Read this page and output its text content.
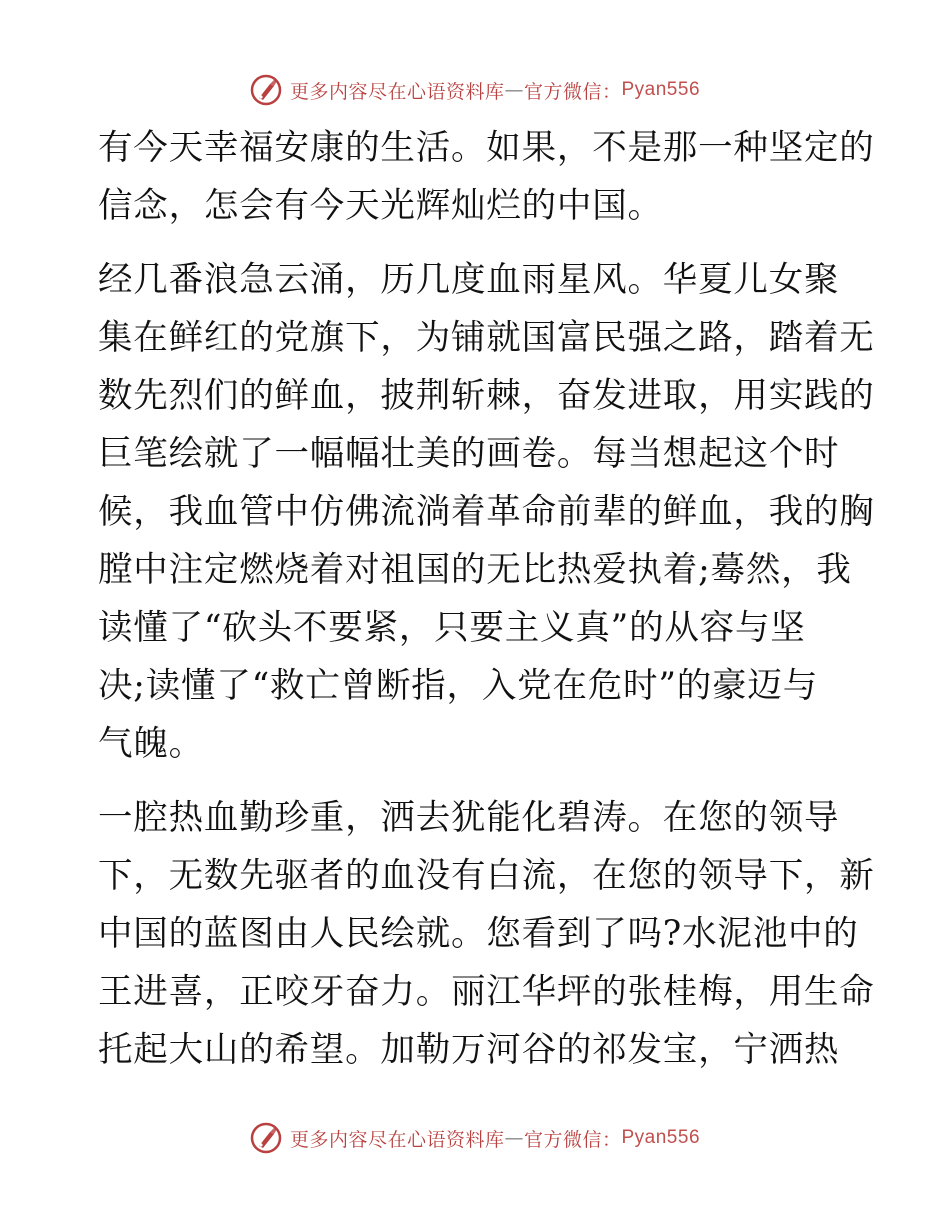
更多内容尽在心语资料库 — 官方微信： Pyan556

有今天幸福安康的生活。如果，不是那一种坚定的
信念，怎会有今天光辉灿烂的中国。

经几番浪急云涌，历几度血雨星风。华夏儿女聚
集在鲜红的党旗下，为铺就国富民强之路，踏着无
数先烈们的鲜血，披荆斩棘，奋发进取，用实践的
巨笔绘就了一幅幅壮美的画卷。每当想起这个时
候，我血管中仿佛流淌着革命前辈的鲜血，我的胸
膛中注定燃烧着对祖国的无比热爱执着;蓦然，我
读懂了“砍头不要紧，只要主义真”的从容与坚
决;读懂了“救亡曾断指，入党在危时”的豪迈与
气魄。

一腔热血勤珍重，洒去犹能化碧涛。在您的领导
下，无数先驱者的血没有白流，在您的领导下，新
中国的蓝图由人民绘就。您看到了吗?水泥池中的
王进喜，正咬牙奋力。丽江华坪的张桂梅，用生命
托起大山的希望。加勒万河谷的祁发宝，宁洒热

更多内容尽在心语资料库 — 官方微信： Pyan556
